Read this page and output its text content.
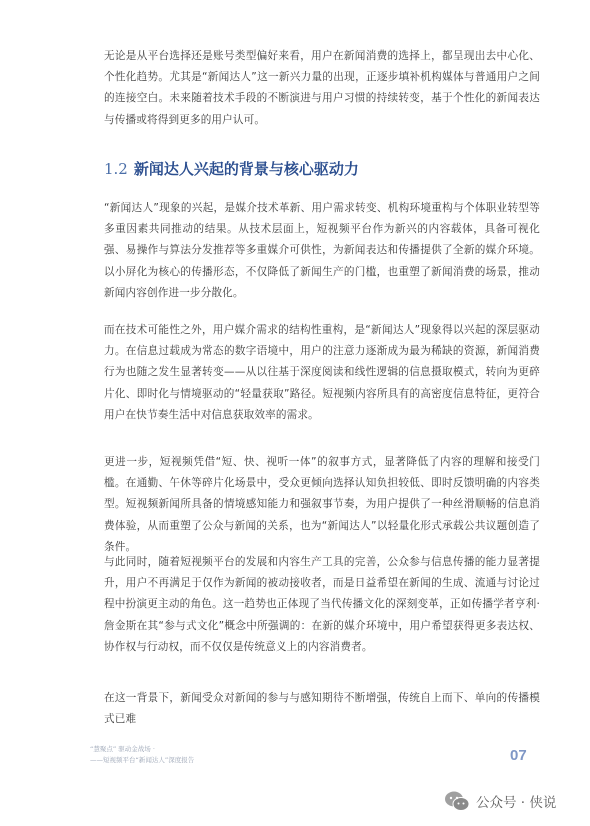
无论是从平台选择还是账号类型偏好来看，用户在新闻消费的选择上，都呈现出去中心化、个性化趋势。尤其是“新闻达人”这一新兴力量的出现，正逐步填补机构媒体与普通用户之间的连接空白。未来随着技术手段的不断演进与用户习惯的持续转变，基于个性化的新闻表达与传播或将得到更多的用户认可。

1.2 新闻达人兴起的背景与核心驱动力

“新闻达人”现象的兴起，是媒介技术革新、用户需求转变、机构环境重构与个体职业转型等多重因素共同推动的结果。从技术层面上，短视频平台作为新兴的内容载体，具备可视化强、易操作与算法分发推荐等多重媒介可供性，为新闻表达和传播提供了全新的媒介环境。以小屏化为核心的传播形态，不仅降低了新闻生产的门槛，也重塑了新闻消费的场景，推动新闻内容创作进一步分散化。

而在技术可能性之外，用户媒介需求的结构性重构，是“新闻达人”现象得以兴起的深层驱动力。在信息过载成为常态的数字语境中，用户的注意力逐渐成为最为稀缺的资源，新闻消费行为也随之发生显著转变——从以往基于深度阅读和线性逻辑的信息摄取模式，转向为更碎片化、即时化与情境驱动的“轻量获取”路径。短视频内容所具有的高密度信息特征，更符合用户在快节奏生活中对信息获取效率的需求。

更进一步，短视频凭借“短、快、视听一体”的叙事方式，显著降低了内容的理解和接受门槛。在通勤、午休等碎片化场景中，受众更倾向选择认知负担较低、即时反馈明确的内容类型。短视频新闻所具备的情境感知能力和强叙事节奏，为用户提供了一种丝滑顺畅的信息消费体验，从而重塑了公众与新闻的关系，也为“新闻达人”以轻量化形式承载公共议题创造了条件。

与此同时，随着短视频平台的发展和内容生产工具的完善，公众参与信息传播的能力显著提升，用户不再满足于仅作为新闻的被动接收者，而是日益希望在新闻的生成、流通与讨论过程中扮演更主动的角色。这一趋势也正体现了当代传播文化的深刻变革，正如传播学者亨利·詹金斯在其“参与式文化”概念中所强调的：在新的媒介环境中，用户希望获得更多表达权、协作权与行动权，而不仅仅是传统意义上的内容消费者。

在这一背景下，新闻受众对新闻的参与与感知期待不断增强，传统自上而下、单向的传播模式已难

“慧聚点” 驱动金战场 ·
——短视频平台“新闻达人”深度报告	07
公众号 · 侠说
